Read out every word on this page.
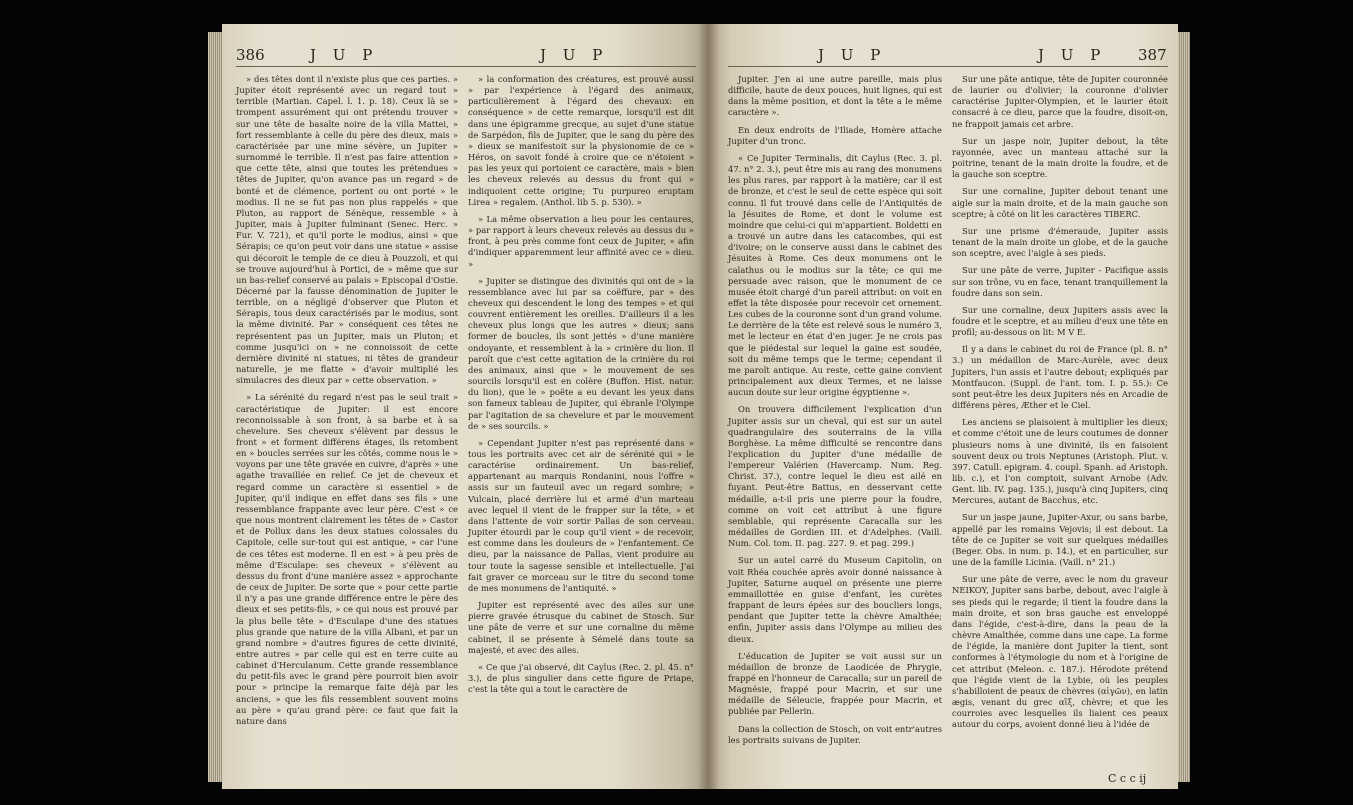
386	J U P	J U P

» des têtes dont il n'existe plus que ces parties. » Jupiter étoit représenté avec un regard tout » terrible (Martian. Capel. l. 1. p. 18). Ceux là se » trompent assurément qui ont prétendu trouver » sur une tête de basalte noire de la villa Mattei, » fort ressemblante à celle du père des dieux, mais » caractérisée par une mine sévère, un Jupiter » surnommé le terrible. Il n'est pas faire attention » que cette tête, ainsi que toutes les prétendues » têtes de Jupiter, qu'on avance pas un regard » de bonté et de clémence, portent ou ont porté » le modius. Il ne se fut pas non plus rappelés » que Pluton, au rapport de Sénèque, ressemble » à Jupiter, mais à Jupiter fulminant (Senec. Herc. » Fur. V. 721), et qu'il porte le modius, ainsi » que Sérapis; ce qu'on peut voir dans une statue » assise qui décoroit le temple de ce dieu à Pouzzoli, et qui se trouve aujourd'hui à Portici, de » même que sur un bas-relief conservé au palais » Episcopal d'Ostie. Décerné par la fausse dénomination de Jupiter le terrible, on a négligé d'observer que Pluton et Sérapis, tous deux caractérisés par le modius, sont la même divinité. Par » conséquent ces têtes ne représentent pas un Jupiter, mais un Pluton; et comme jusqu'ici on » ne connoissoit de cette dernière divinité ni statues, ni têtes de grandeur naturelle, je me flatte » d'avoir multiplié les simulacres des dieux par » cette observation. »

» La sérénité du regard n'est pas le seul trait » caractéristique de Jupiter: il est encore reconnoissable à son front, à sa barbe et à sa chevelure. Ses cheveux s'élèvent par dessus le front » et forment différens étages, ils retombent en » boucles serrées sur les côtés, comme nous le » voyons par une tête gravée en cuivre, d'après » une agathe travaillée en relief. Ce jet de cheveux et regard comme un caractère si essentiel » de Jupiter, qu'il indique en effet dans ses fils » une ressemblance frappante avec leur père. C'est » ce que nous montrent clairement les têtes de » Castor et de Pollux dans les deux statues colossales du Capitole, celle sur-tout qui est antique, » car l'une de ces têtes est moderne. Il en est » à peu près de même d'Esculape: ses cheveux » s'élèvent au dessus du front d'une manière assez » approchante de ceux de Jupiter. De sorte que » pour cette partie il n'y a pas une grande différence entre le père des dieux et ses petits-fils, » ce qui nous est prouvé par la plus belle tête » d'Esculape d'une des statues plus grande que nature de la villa Albani, et par un grand nombre » d'autres figures de cette divinité, entre autres » par celle qui est en terre cuite au cabinet d'Herculanum. Cette grande ressemblance du petit-fils avec le grand père pourroit bien avoir pour » principe la remarque faite déjà par les anciens, » que les fils ressemblent souvent moins au père » qu'au grand père: ce faut que fait la nature dans

» la conformation des créatures, est prouvé aussi » par l'expérience à l'égard des animaux, particulièrement à l'égard des chevaux: en conséquence » de cette remarque, lorsqu'il est dit dans une épigramme grecque, au sujet d'une statue de Sarpédon, fils de Jupiter, que le sang du père des » dieux se manifestoit sur la physionomie de ce » Héros, on savoit fondé à croire que ce n'étoient » pas les yeux qui portoient ce caractère, mais » bien les cheveux relevés au dessus du front qui » indiquoient cette origine; Tu purpureo eruptam Lirea » regalem. (Anthol. lib 5. p. 530). »

» La même observation a lieu pour les centaures, » par rapport à leurs cheveux relevés au dessus du » front, à peu près comme font ceux de Jupiter, » afin d'indiquer apparemment leur affinité avec ce » dieu. »

» Jupiter se distingue des divinités qui ont de » la ressemblance avec lui par sa coëffure, par » des cheveux qui descendent le long des tempes » et qui couvrent entièrement les oreilles. D'ailleurs il a les cheveux plus longs que les autres » dieux; sans former de boucles, ils sont jettés » d'une manière ondoyante, et ressemblent à la » crinière du lion. Il paroît que c'est cette agitation de la crinière du roi des animaux, ainsi que » le mouvement de ses sourcils lorsqu'il est en colère (Buffon. Hist. natur. du lion), que le » poëte a eu devant les yeux dans son fameux tableau de Jupiter, qui ébranle l'Olympe par l'agitation de sa chevelure et par le mouvement de » ses sourcils. »

» Cependant Jupiter n'est pas représenté dans » tous les portraits avec cet air de sérénité qui » le caractérise ordinairement. Un bas-relief, appartenant au marquis Rondanini, nous l'offre » assis sur un fauteuil avec un regard sombre; » Vulcain, placé derrière lui et armé d'un marteau avec lequel il vient de le frapper sur la tête, » et dans l'attente de voir sortir Pallas de son cerveau. Jupiter étourdi par le coup qu'il vient » de recevoir, est comme dans les douleurs de » l'enfantement. Ce dieu, par la naissance de Pallas, vient produire au tour toute la sagesse sensible et intellectuelle. J'ai fait graver ce morceau sur le titre du second tome de mes monumens de l'antiquité. »

Jupiter est représenté avec des ailes sur une pierre gravée étrusque du cabinet de Stosch. Sur une pâte de verre et sur une cornaline du même cabinet, il se présente à Sémelé dans toute sa majesté, et avec des ailes.

« Ce que j'ai observé, dit Caylus (Rec. 2. pl. 45. n° 3.), de plus singulier dans cette figure de Priape, c'est la tête qui a tout le caractère de

J U P	J U P 387

Jupiter. J'en ai une autre pareille, mais plus difficile, haute de deux pouces, huit lignes, qui est dans la même position, et dont la tête a le même caractère ».

En deux endroits de l'Iliade, Homère attache Jupiter d'un tronc.

« Ce Jupiter Terminalis, dit Caylus (Rec. 3. pl. 47. n° 2. 3.), peut être mis au rang des monumens les plus rares, par rapport à la matière; car il est de bronze, et c'est le seul de cette espèce qui soit connu. Il fut trouvé dans celle de l'Antiquités de la Jésuites de Rome, et dont le volume est moindre que celui-ci qui m'appartient. Boldetti en a trouvé un autre dans les catacombes, qui est d'ivoire; on le conserve aussi dans le cabinet des Jésuites à Rome. Ces deux monumens ont le calathus ou le modius sur la tête; ce qui me persuade avec raison, que le monument de ce musée étoit chargé d'un pareil attribut: on voit en effet la tête disposée pour recevoir cet ornement. Les cubes de la couronne sont d'un grand volume. Le derrière de la tête est relevé sous le numéro 3, met le lecteur en état d'en juger. Je ne crois pas que le piédestal sur lequel la gaine est soudée, soit du même temps que le terme; cependant il me paroît antique. Au reste, cette gaine convient principalement aux dieux Termes, et ne laisse aucun doute sur leur origine égyptienne ».

On trouvera difficilement l'explication d'un Jupiter assis sur un cheval, qui est sur un autel quadrangulaire des souterrains de la villa Borghèse. La même difficulté se rencontre dans l'explication du Jupiter d'une médaille de l'empereur Valérien (Havercamp. Num. Reg. Christ. 37.), contre lequel le dieu est ailé en fuyant. Peut-être Battus, en desservant cette médaille, a-t-il pris une pierre pour la foudre, comme on voit cet attribut à une figure semblable, qui représente Caracalla sur les médailles de Gordien III. et d'Adelphes. (Vaill. Num. Col. tom. II. pag. 227. 9. et pag. 299.)

Sur un autel carré du Museum Capitolin, on voit Rhéa couchée après avoir donné naissance à Jupiter, Saturne auquel on présente une pierre emmaillottée en guise d'enfant, les curètes frappant de leurs épées sur des boucliers longs, pendant que Jupiter tette la chèvre Amalthée; enfin, Jupiter assis dans l'Olympe au milieu des dieux.

L'éducation de Jupiter se voit aussi sur un médaillon de bronze de Laodicée de Phrygie, frappé en l'honneur de Caracalla; sur un pareil de Magnésie, frappé pour Macrin, et sur une médaille de Séleucie, frappée pour Macrin, et publiée par Pellerin.

Dans la collection de Stosch, on voit entr'autres les portraits suivans de Jupiter.

Sur une pâte antique, tête de Jupiter couronnée de laurier ou d'olivier; la couronne d'olivier caractérise Jupiter-Olympien, et le laurier étoit consacré à ce dieu, parce que la foudre, disoit-on, ne frappoit jamais cet arbre.

Sur un jaspe noir, Jupiter debout, la tête rayonnée, avec un manteau attaché sur la poitrine, tenant de la main droite la foudre, et de la gauche son sceptre.

Sur une cornaline, Jupiter debout tenant une aigle sur la main droite, et de la main gauche son sceptre; à côté on lit les caractères TIBERC.

Sur une prisme d'émeraude, Jupiter assis tenant de la main droite un globe, et de la gauche son sceptre, avec l'aigle à ses pieds.

Sur une pâte de verre, Jupiter - Pacifique assis sur son trône, vu en face, tenant tranquillement la foudre dans son sein.

Sur une cornaline, deux Jupiters assis avec la foudre et le sceptre, et au milieu d'eux une tête en profil; au-dessous on lit: M V E.

Il y a dans le cabinet du roi de France (pl. 8. n° 3.) un médaillon de Marc-Aurèle, avec deux Jupiters, l'un assis et l'autre debout; expliqués par Montfaucon. (Suppl. de l'ant. tom. I. p. 55.): Ce sont peut-être les deux Jupiters nés en Arcadie de différens pères, Æther et le Ciel.

Les anciens se plaisoient à multiplier les dieux; et comme c'étoit une de leurs coutumes de donner plusieurs noms à une divinité, ils en faisoient souvent deux ou trois Neptunes (Aristoph. Plut. v. 397. Catull. epigram. 4. coupl. Spanh. ad Aristoph. lib. c.), et l'on comptoit, suivant Arnobe (Adv. Gent. lib. IV. pag. 135.), jusqu'à cinq Jupiters, cinq Mercures, autant de Bacchus, etc.

Sur un jaspe jaune, Jupiter-Axur, ou sans barbe, appellé par les romains Vejovis; il est debout. La tête de ce Jupiter se voit sur quelques médailles (Beger. Obs. in num. p. 14.), et en particulier, sur une de la famille Licinia. (Vaill. n° 21.)

Sur une pâte de verre, avec le nom du graveur NEIKOY, Jupiter sans barbe, debout, avec l'aigle à ses pieds qui le regarde; il tient la foudre dans la main droite, et son bras gauche est enveloppé dans l'égide, c'est-à-dire, dans la peau de la chèvre Amalthée, comme dans une cape. La forme de l'égide, la manière dont Jupiter la tient, sont conformes à l'étymologie du nom et à l'origine de cet attribut (Meleon. c. 187.). Hérodote prétend que l'égide vient de la Lybie, où les peuples s'habilloient de peaux de chèvres (αἰγῶν), en latin ægis, venant du grec αἲξ, chèvre; et que les courroies avec lesquelles ils liaient ces peaux autour du corps, avoient donné lieu à l'idée de

C c c ij
